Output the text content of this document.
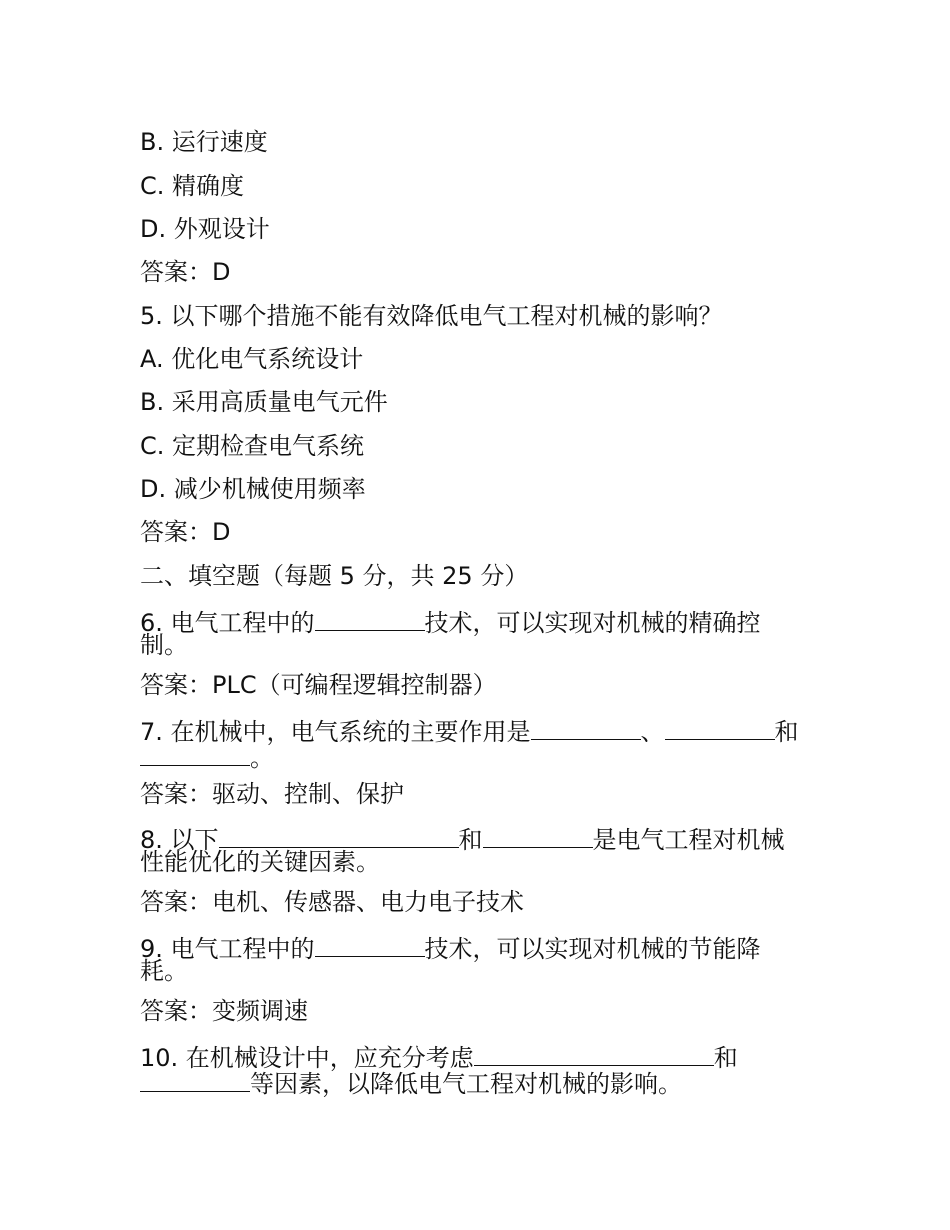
B. 运行速度
C. 精确度
D. 外观设计
答案：D
5. 以下哪个措施不能有效降低电气工程对机械的影响？
A. 优化电气系统设计
B. 采用高质量电气元件
C. 定期检查电气系统
D. 减少机械使用频率
答案：D
二、填空题（每题 5 分，共 25 分）
6. 电气工程中的	技术，可以实现对机械的精确控制。
答案：PLC（可编程逻辑控制器）
7. 在机械中，电气系统的主要作用是	、	和。
答案：驱动、控制、保护
8. 以下	和	是电气工程对机械性能优化的关键因素。
答案：电机、传感器、电力电子技术
9. 电气工程中的	技术，可以实现对机械的节能降耗。
答案：变频调速
10. 在机械设计中，应充分考虑	和等因素，以降低电气工程对机械的影响。
